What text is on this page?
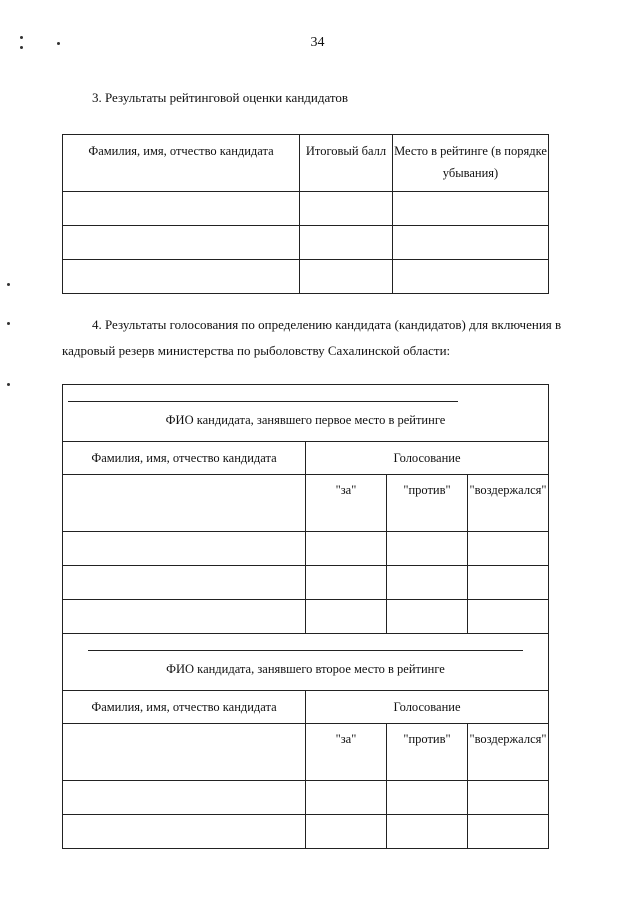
34
3. Результаты рейтинговой оценки кандидатов
Фамилия, имя, отчество кандидата	Итоговый балл	Место в рейтинге (в порядке убывания)

4. Результаты голосования по определению кандидата (кандидатов) для включения в кадровый резерв министерства по рыболовству Сахалинской области:
ФИО кандидата, занявшего первое место в рейтинге			

Фамилия, имя, отчество кандидата	Голосование		
	"за"	"против"	"воздержался"

ФИО кандидата, занявшего второе место в рейтинге			

Фамилия, имя, отчество кандидата	Голосование		
	"за"	"против"	"воздержался"
